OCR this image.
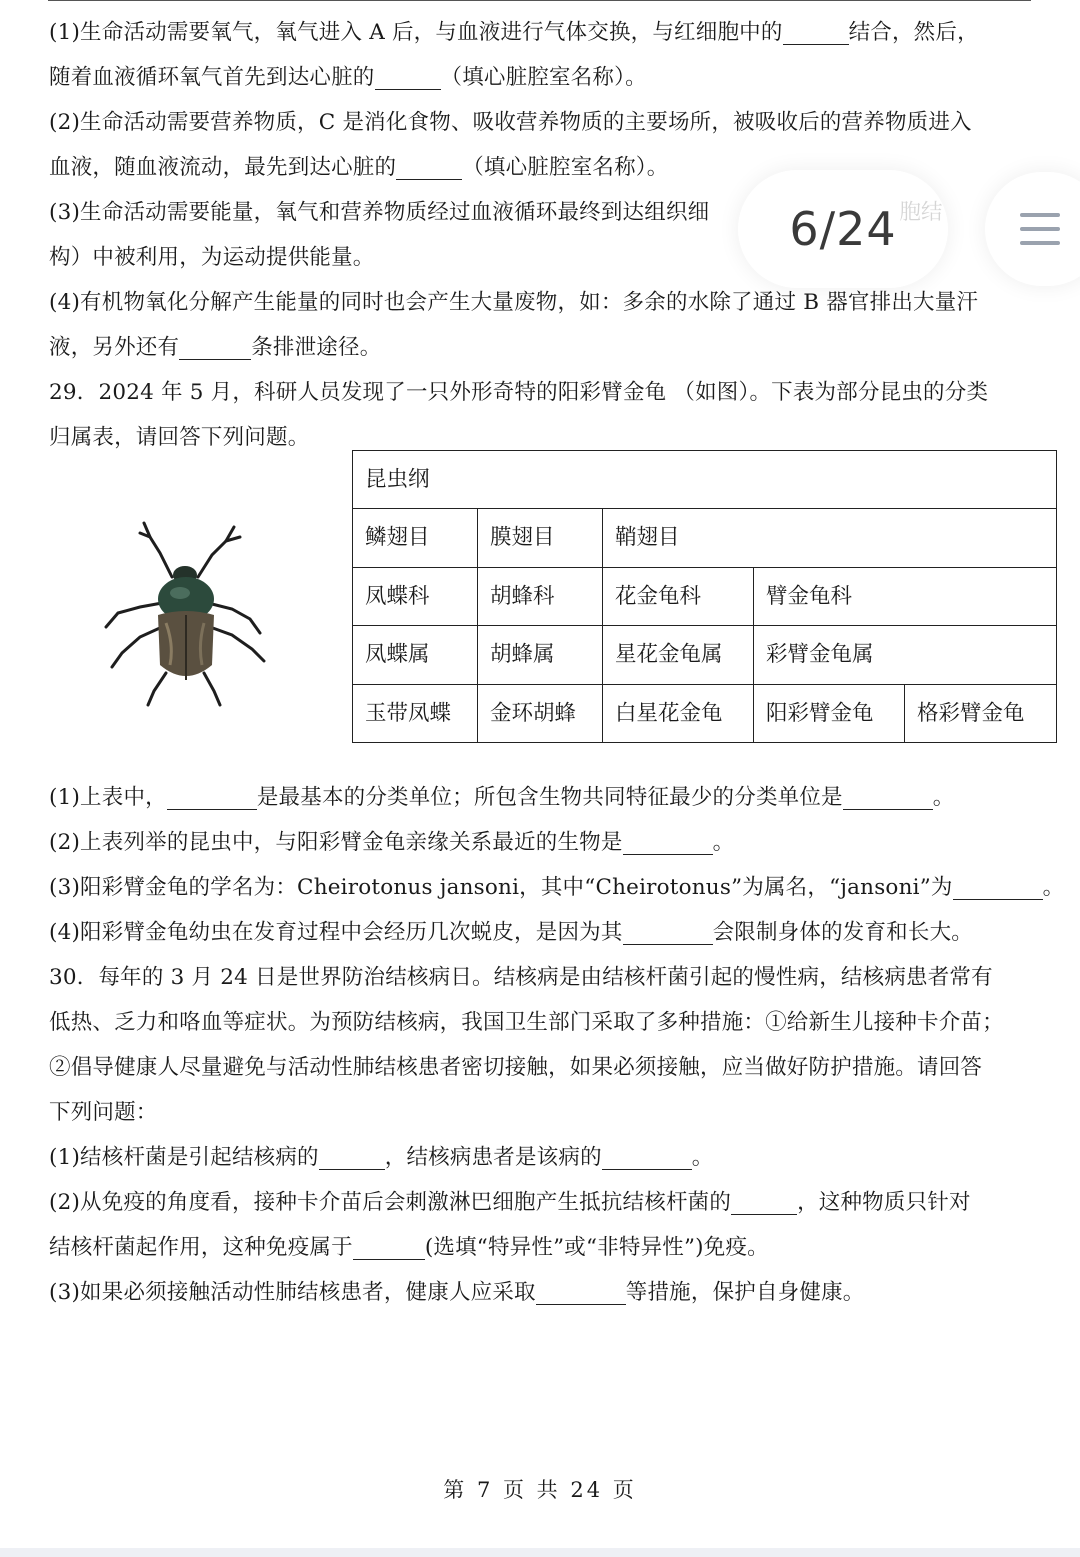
(1)生命活动需要氧气，氧气进入 A 后，与血液进行气体交换，与红细胞中的	结合，然后，
随着血液循环氧气首先到达心脏的	（填心脏腔室名称）。
(2)生命活动需要营养物质，C 是消化食物、吸收营养物质的主要场所，被吸收后的营养物质进入
血液，随血液流动，最先到达心脏的	（填心脏腔室名称）。
(3)生命活动需要能量，氧气和营养物质经过血液循环最终到达组织细
构）中被利用，为运动提供能量。
(4)有机物氧化分解产生能量的同时也会产生大量废物，如：多余的水除了通过 B 器官排出大量汗
液，另外还有	条排泄途径。
29．2024 年 5 月，科研人员发现了一只外形奇特的阳彩臂金龟 （如图）。下表为部分昆虫的分类
归属表，请回答下列问题。
(1)上表中，	是最基本的分类单位；所包含生物共同特征最少的分类单位是	。
(2)上表列举的昆虫中，与阳彩臂金龟亲缘关系最近的生物是	。
(3)阳彩臂金龟的学名为：Cheirotonus jansoni，其中“Cheirotonus”为属名，“jansoni”为	。
(4)阳彩臂金龟幼虫在发育过程中会经历几次蜕皮，是因为其	会限制身体的发育和长大。
30．每年的 3 月 24 日是世界防治结核病日。结核病是由结核杆菌引起的慢性病，结核病患者常有
低热、乏力和咯血等症状。为预防结核病，我国卫生部门采取了多种措施：①给新生儿接种卡介苗；
②倡导健康人尽量避免与活动性肺结核患者密切接触，如果必须接触，应当做好防护措施。请回答
下列问题：
(1)结核杆菌是引起结核病的	，结核病患者是该病的	。
(2)从免疫的角度看，接种卡介苗后会刺激淋巴细胞产生抵抗结核杆菌的	，这种物质只针对
结核杆菌起作用，这种免疫属于	(选填“特异性”或“非特异性”)免疫。
(3)如果必须接触活动性肺结核患者，健康人应采取	等措施，保护自身健康。
昆虫纲				
鳞翅目	膜翅目	鞘翅目		
凤蝶科	胡蜂科	花金龟科	臂金龟科	
凤蝶属	胡蜂属	星花金龟属	彩臂金龟属	
玉带凤蝶	金环胡蜂	白星花金龟	阳彩臂金龟	格彩臂金龟
第 7 页 共 24 页
6/24
